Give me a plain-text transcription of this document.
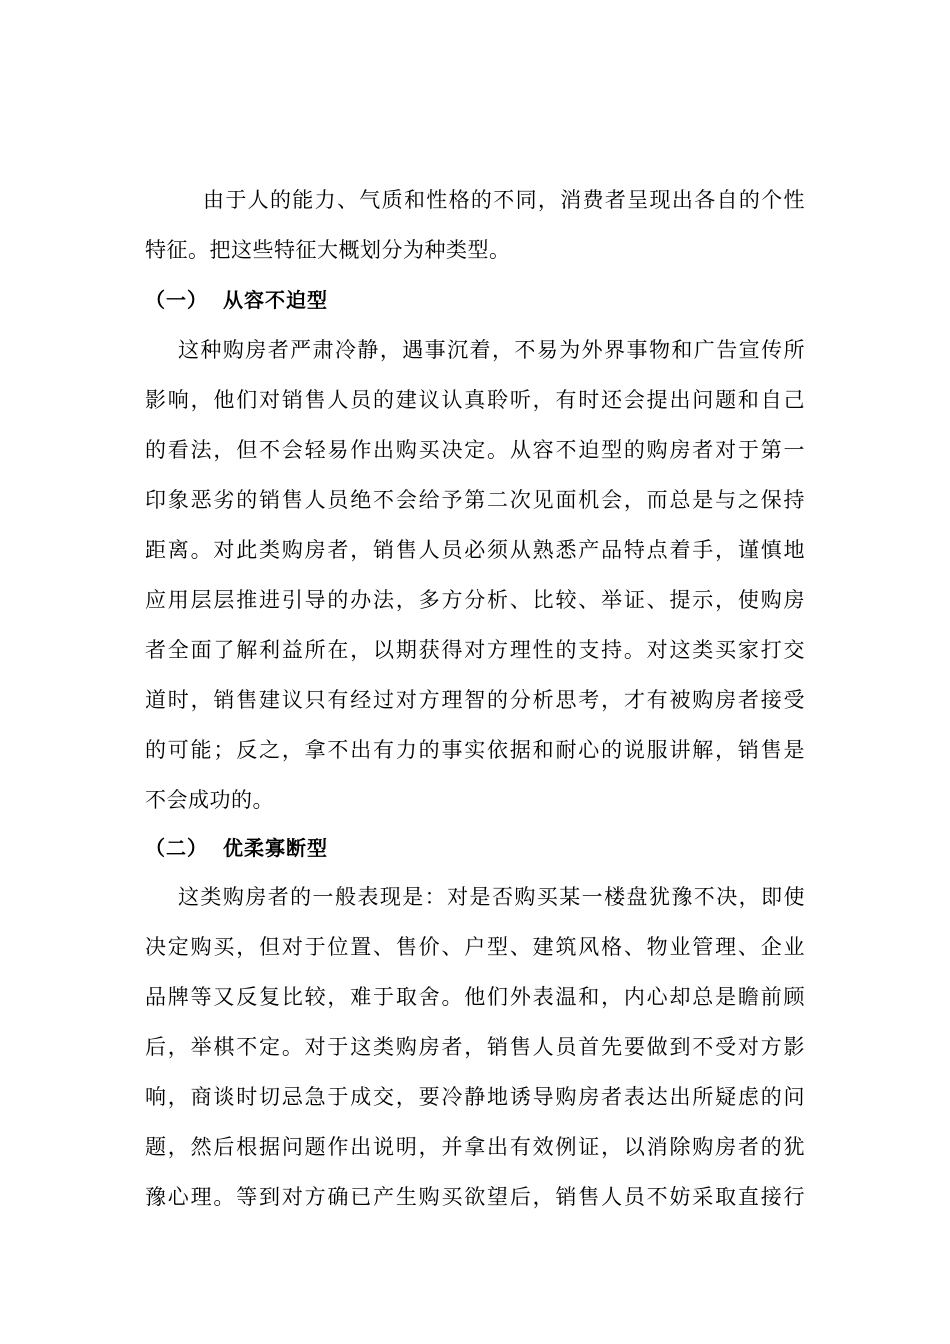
由于人的能力、气质和性格的不同，消费者呈现出各自的个性
特征。把这些特征大概划分为种类型。
（一） 从容不迫型
这种购房者严肃冷静，遇事沉着，不易为外界事物和广告宣传所
影响，他们对销售人员的建议认真聆听，有时还会提出问题和自己
的看法，但不会轻易作出购买决定。从容不迫型的购房者对于第一
印象恶劣的销售人员绝不会给予第二次见面机会，而总是与之保持
距离。对此类购房者，销售人员必须从熟悉产品特点着手，谨慎地
应用层层推进引导的办法，多方分析、比较、举证、提示，使购房
者全面了解利益所在，以期获得对方理性的支持。对这类买家打交
道时，销售建议只有经过对方理智的分析思考，才有被购房者接受
的可能；反之，拿不出有力的事实依据和耐心的说服讲解，销售是
不会成功的。
（二） 优柔寡断型
这类购房者的一般表现是：对是否购买某一楼盘犹豫不决，即使
决定购买，但对于位置、售价、户型、建筑风格、物业管理、企业
品牌等又反复比较，难于取舍。他们外表温和，内心却总是瞻前顾
后，举棋不定。对于这类购房者，销售人员首先要做到不受对方影
响，商谈时切忌急于成交，要冷静地诱导购房者表达出所疑虑的问
题，然后根据问题作出说明，并拿出有效例证，以消除购房者的犹
豫心理。等到对方确已产生购买欲望后，销售人员不妨采取直接行
